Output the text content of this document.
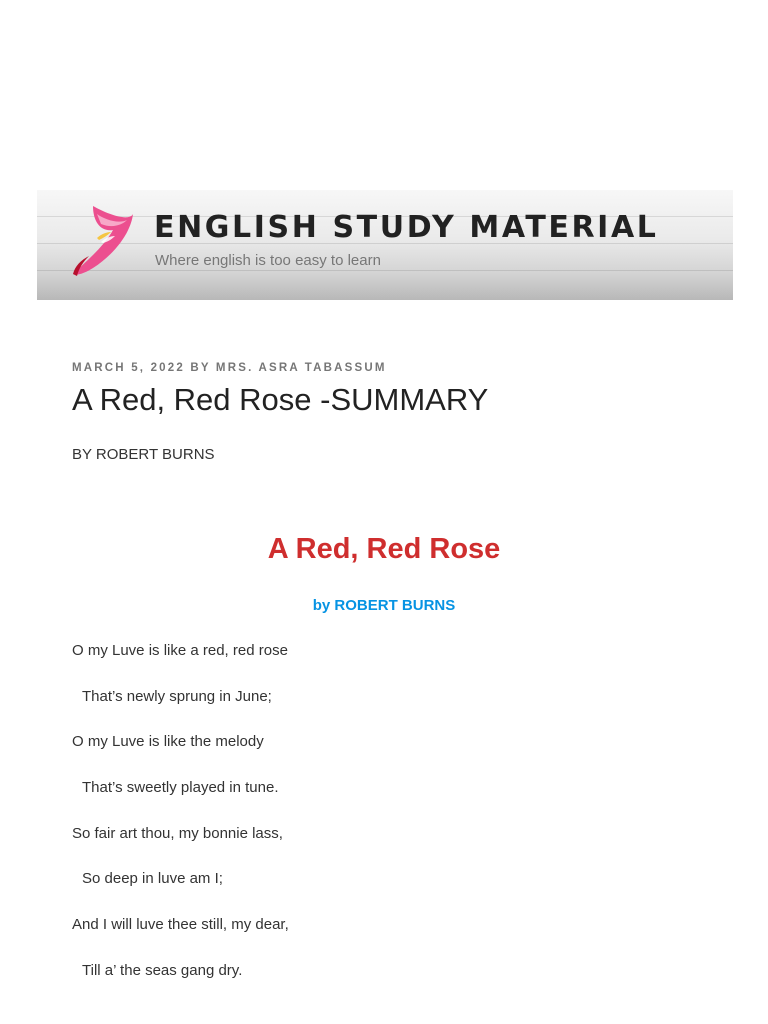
ENGLISH STUDY MATERIAL
Where english is too easy to learn
MARCH 5, 2022 BY MRS. ASRA TABASSUM
A Red, Red Rose -SUMMARY
BY ROBERT BURNS
A Red, Red Rose
by ROBERT BURNS

O my Luve is like a red, red rose

That’s newly sprung in June;

O my Luve is like the melody

That’s sweetly played in tune.

So fair art thou, my bonnie lass,

So deep in luve am I;

And I will luve thee still, my dear,

Till a’ the seas gang dry.
